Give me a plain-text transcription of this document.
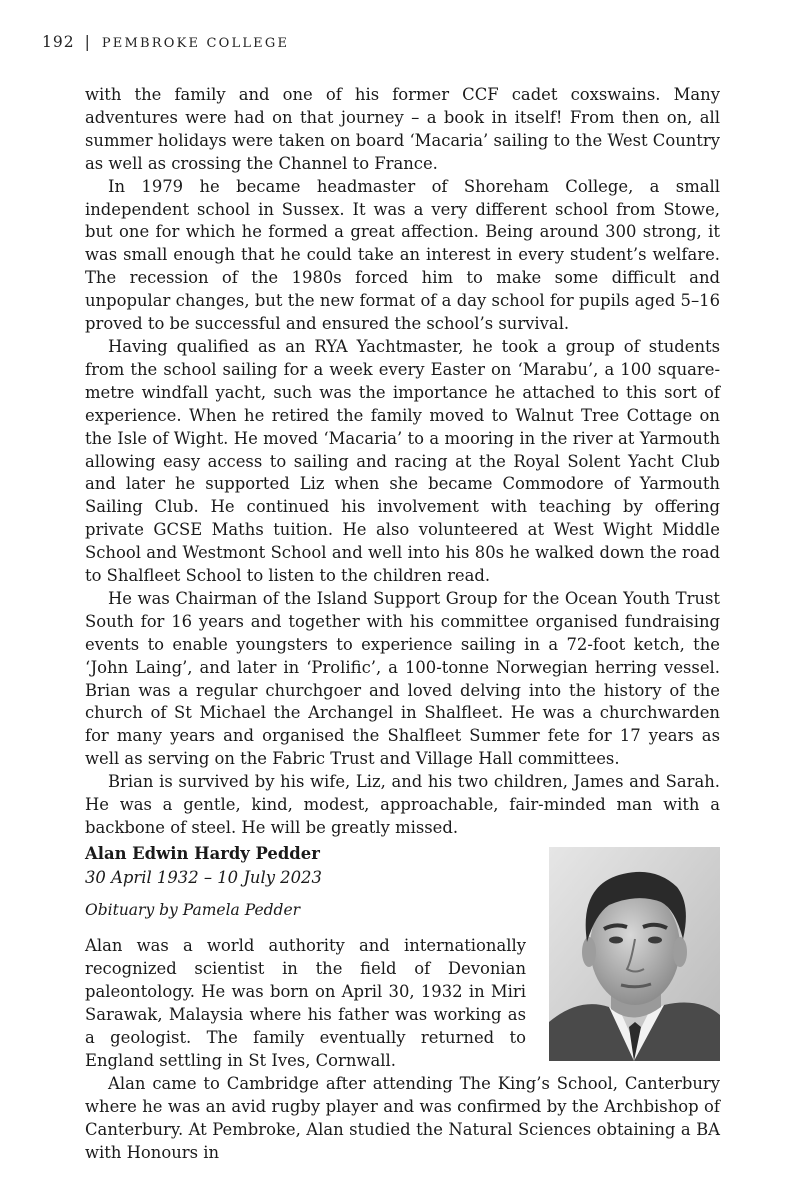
192 | PEMBROKE COLLEGE

with the family and one of his former CCF cadet coxswains. Many adventures were had on that journey – a book in itself! From then on, all summer holidays were taken on board ‘Macaria’ sailing to the West Country as well as crossing the Channel to France.

In 1979 he became headmaster of Shoreham College, a small independent school in Sussex. It was a very different school from Stowe, but one for which he formed a great affection. Being around 300 strong, it was small enough that he could take an interest in every student’s welfare. The recession of the 1980s forced him to make some difficult and unpopular changes, but the new format of a day school for pupils aged 5–16 proved to be successful and ensured the school’s survival.

Having qualified as an RYA Yachtmaster, he took a group of students from the school sailing for a week every Easter on ‘Marabu’, a 100 square-metre windfall yacht, such was the importance he attached to this sort of experience. When he retired the family moved to Walnut Tree Cottage on the Isle of Wight. He moved ‘Macaria’ to a mooring in the river at Yarmouth allowing easy access to sailing and racing at the Royal Solent Yacht Club and later he supported Liz when she became Commodore of Yarmouth Sailing Club. He continued his involvement with teaching by offering private GCSE Maths tuition. He also volunteered at West Wight Middle School and Westmont School and well into his 80s he walked down the road to Shalfleet School to listen to the children read.

He was Chairman of the Island Support Group for the Ocean Youth Trust South for 16 years and together with his committee organised fundraising events to enable youngsters to experience sailing in a 72-foot ketch, the ‘John Laing’, and later in ‘Prolific’, a 100-tonne Norwegian herring vessel. Brian was a regular churchgoer and loved delving into the history of the church of St Michael the Archangel in Shalfleet. He was a churchwarden for many years and organised the Shalfleet Summer fete for 17 years as well as serving on the Fabric Trust and Village Hall committees.

Brian is survived by his wife, Liz, and his two children, James and Sarah. He was a gentle, kind, modest, approachable, fair-minded man with a backbone of steel. He will be greatly missed.

Alan Edwin Hardy Pedder
30 April 1932 – 10 July 2023
Obituary by Pamela Pedder

Alan was a world authority and internationally recognized scientist in the field of Devonian paleontology. He was born on April 30, 1932 in Miri Sarawak, Malaysia where his father was working as a geologist. The family eventually returned to England settling in St Ives, Cornwall.

Alan came to Cambridge after attending The King’s School, Canterbury where he was an avid rugby player and was confirmed by the Archbishop of Canterbury. At Pembroke, Alan studied the Natural Sciences obtaining a BA with Honours in
